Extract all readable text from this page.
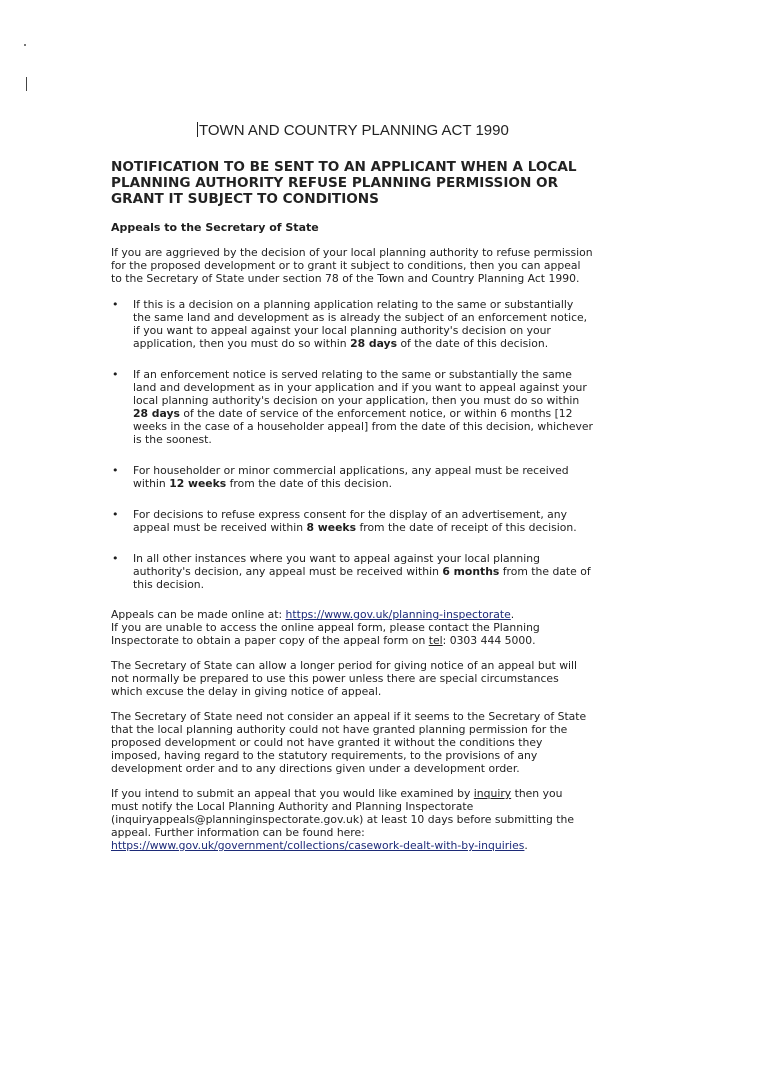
TOWN AND COUNTRY PLANNING ACT 1990

NOTIFICATION TO BE SENT TO AN APPLICANT WHEN A LOCAL PLANNING AUTHORITY REFUSE PLANNING PERMISSION OR GRANT IT SUBJECT TO CONDITIONS

Appeals to the Secretary of State

If you are aggrieved by the decision of your local planning authority to refuse permission for the proposed development or to grant it subject to conditions, then you can appeal to the Secretary of State under section 78 of the Town and Country Planning Act 1990.

• If this is a decision on a planning application relating to the same or substantially the same land and development as is already the subject of an enforcement notice, if you want to appeal against your local planning authority's decision on your application, then you must do so within 28 days of the date of this decision.
• If an enforcement notice is served relating to the same or substantially the same land and development as in your application and if you want to appeal against your local planning authority's decision on your application, then you must do so within 28 days of the date of service of the enforcement notice, or within 6 months [12 weeks in the case of a householder appeal] from the date of this decision, whichever is the soonest.
• For householder or minor commercial applications, any appeal must be received within 12 weeks from the date of this decision.
• For decisions to refuse express consent for the display of an advertisement, any appeal must be received within 8 weeks from the date of receipt of this decision.
• In all other instances where you want to appeal against your local planning authority's decision, any appeal must be received within 6 months from the date of this decision.

Appeals can be made online at: https://www.gov.uk/planning-inspectorate.
If you are unable to access the online appeal form, please contact the Planning Inspectorate to obtain a paper copy of the appeal form on tel: 0303 444 5000.

The Secretary of State can allow a longer period for giving notice of an appeal but will not normally be prepared to use this power unless there are special circumstances which excuse the delay in giving notice of appeal.

The Secretary of State need not consider an appeal if it seems to the Secretary of State that the local planning authority could not have granted planning permission for the proposed development or could not have granted it without the conditions they imposed, having regard to the statutory requirements, to the provisions of any development order and to any directions given under a development order.

If you intend to submit an appeal that you would like examined by inquiry then you must notify the Local Planning Authority and Planning Inspectorate (inquiryappeals@planninginspectorate.gov.uk) at least 10 days before submitting the appeal. Further information can be found here: https://www.gov.uk/government/collections/casework-dealt-with-by-inquiries.
